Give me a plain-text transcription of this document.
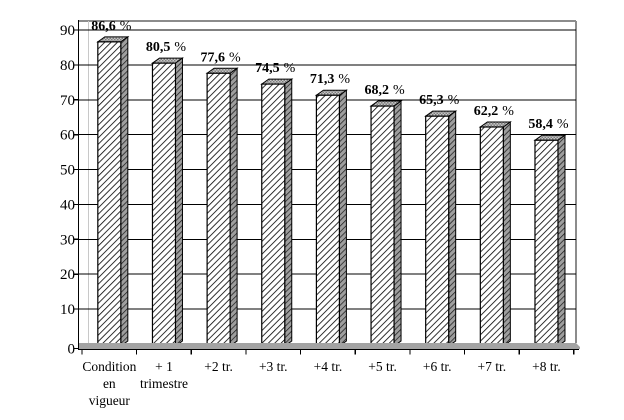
0
10
20
30
40
50
60
70
80
90
Condition
en
vigueur
+ 1
trimestre
+2 tr. +3 tr. +4 tr. +5 tr. +6 tr. +7 tr. +8 tr.
86,6 %
80,5 %
77,6 %
74,5 %
71,3 %
68,2 %
65,3 %
62,2 %
58,4 %
